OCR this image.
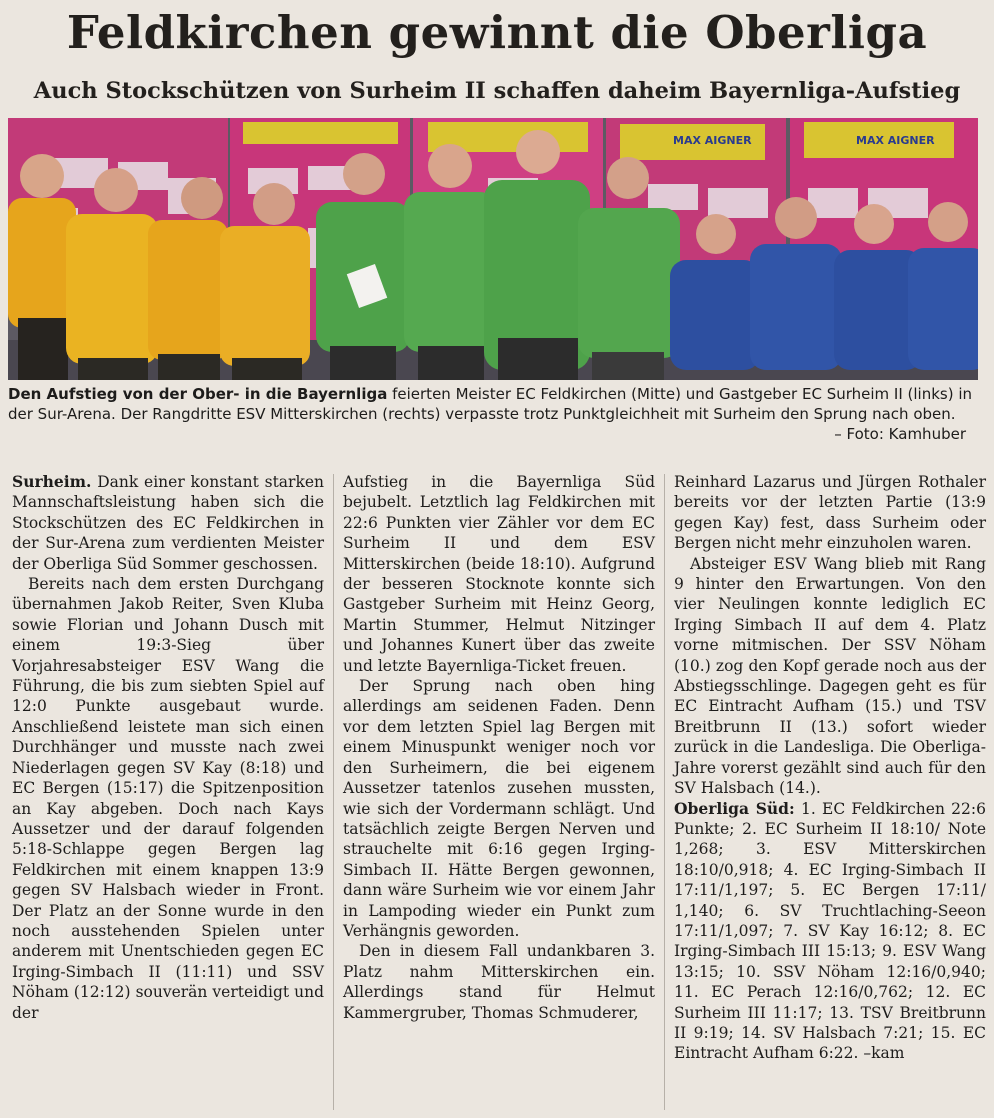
Feldkirchen gewinnt die Oberliga
Auch Stockschützen von Surheim II schaffen daheim Bayernliga-Aufstieg
MAX AIGNER	MAX AIGNER
Den Aufstieg von der Ober- in die Bayernliga feierten Meister EC Feldkirchen (Mitte) und Gastgeber EC Surheim II (links) in der Sur-Arena. Der Rangdritte ESV Mitterskirchen (rechts) verpasste trotz Punktgleichheit mit Surheim den Sprung nach oben.
– Foto: Kamhuber

Surheim. Dank einer konstant starken Mannschaftsleistung haben sich die Stockschützen des EC Feldkirchen in der Sur-Arena zum verdienten Meister der Oberliga Süd Sommer geschossen.

Bereits nach dem ersten Durchgang übernahmen Jakob Reiter, Sven Kluba sowie Florian und Johann Dusch mit einem 19:3-Sieg über Vorjahresabsteiger ESV Wang die Führung, die bis zum siebten Spiel auf 12:0 Punkte ausgebaut wurde. Anschließend leistete man sich einen Durchhänger und musste nach zwei Niederlagen gegen SV Kay (8:18) und EC Bergen (15:17) die Spitzenposition an Kay abgeben. Doch nach Kays Aussetzer und der darauf folgenden 5:18-Schlappe gegen Bergen lag Feldkirchen mit einem knappen 13:9 gegen SV Halsbach wieder in Front. Der Platz an der Sonne wurde in den noch ausstehenden Spielen unter anderem mit Unentschieden gegen EC Irging-Simbach II (11:11) und SSV Nöham (12:12) souverän verteidigt und der

Aufstieg in die Bayernliga Süd bejubelt. Letztlich lag Feldkirchen mit 22:6 Punkten vier Zähler vor dem EC Surheim II und dem ESV Mitterskirchen (beide 18:10). Aufgrund der besseren Stocknote konnte sich Gastgeber Surheim mit Heinz Georg, Martin Stummer, Helmut Nitzinger und Johannes Kunert über das zweite und letzte Bayernliga-Ticket freuen.

Der Sprung nach oben hing allerdings am seidenen Faden. Denn vor dem letzten Spiel lag Bergen mit einem Minuspunkt weniger noch vor den Surheimern, die bei eigenem Aussetzer tatenlos zusehen mussten, wie sich der Vordermann schlägt. Und tatsächlich zeigte Bergen Nerven und strauchelte mit 6:16 gegen Irging-Simbach II. Hätte Bergen gewonnen, dann wäre Surheim wie vor einem Jahr in Lampoding wieder ein Punkt zum Verhängnis geworden.

Den in diesem Fall undankbaren 3. Platz nahm Mitterskirchen ein. Allerdings stand für Helmut Kammergruber, Thomas Schmuderer,

Reinhard Lazarus und Jürgen Rothaler bereits vor der letzten Partie (13:9 gegen Kay) fest, dass Surheim oder Bergen nicht mehr einzuholen waren.

Absteiger ESV Wang blieb mit Rang 9 hinter den Erwartungen. Von den vier Neulingen konnte lediglich EC Irging Simbach II auf dem 4. Platz vorne mitmischen. Der SSV Nöham (10.) zog den Kopf gerade noch aus der Abstiegsschlinge. Dagegen geht es für EC Eintracht Aufham (15.) und TSV Breitbrunn II (13.) sofort wieder zurück in die Landesliga. Die Oberliga-Jahre vorerst gezählt sind auch für den SV Halsbach (14.).

Oberliga Süd: 1. EC Feldkirchen 22:6 Punkte; 2. EC Surheim II 18:10/ Note 1,268; 3. ESV Mitterskirchen 18:10/0,918; 4. EC Irging-Simbach II 17:11/1,197; 5. EC Bergen 17:11/ 1,140; 6. SV Truchtlaching-Seeon 17:11/1,097; 7. SV Kay 16:12; 8. EC Irging-Simbach III 15:13; 9. ESV Wang 13:15; 10. SSV Nöham 12:16/0,940; 11. EC Perach 12:16/0,762; 12. EC Surheim III 11:17; 13. TSV Breitbrunn II 9:19; 14. SV Halsbach 7:21; 15. EC Eintracht Aufham 6:22. –kam
